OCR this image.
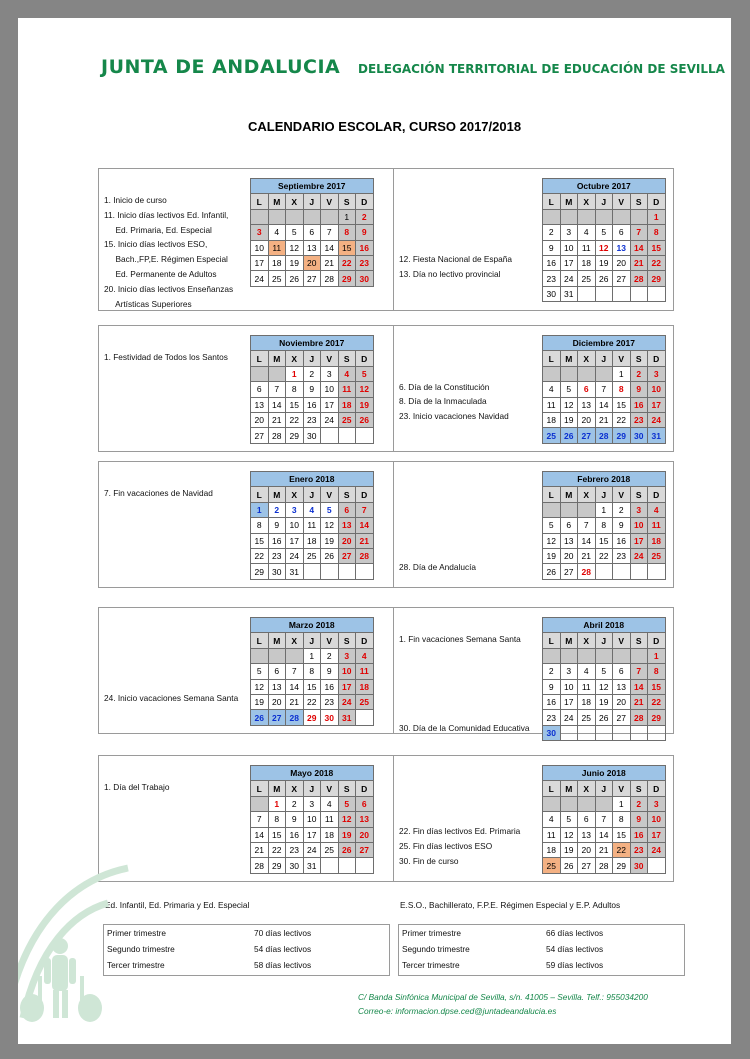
JUNTA DE ANDALUCIA DELEGACIÓN TERRITORIAL DE EDUCACIÓN DE SEVILLA
CALENDARIO ESCOLAR, CURSO 2017/2018
1. Inicio de curso
11. Inicio días lectivos Ed. Infantil,
Ed. Primaria, Ed. Especial
15. Inicio días lectivos ESO,
Bach.,FP,E. Régimen Especial
Ed. Permanente de Adultos
20. Inicio días lectivos Enseñanzas
Artísticas Superiores
Septiembre 2017						
L	M	X	J	V	S	D
					1	2
3	4	5	6	7	8	9
10	11	12	13	14	15	16
17	18	19	20	21	22	23
24	25	26	27	28	29	30
12. Fiesta Nacional de España
13. Día no lectivo provincial
Octubre 2017						
L	M	X	J	V	S	D
						1
2	3	4	5	6	7	8
9	10	11	12	13	14	15
16	17	18	19	20	21	22
23	24	25	26	27	28	29
30	31					
1. Festividad de Todos los Santos
Noviembre 2017						
L	M	X	J	V	S	D
		1	2	3	4	5
6	7	8	9	10	11	12
13	14	15	16	17	18	19
20	21	22	23	24	25	26
27	28	29	30			
6. Día de la Constitución
8. Día de la Inmaculada
23. Inicio vacaciones Navidad
Diciembre 2017						
L	M	X	J	V	S	D
				1	2	3
4	5	6	7	8	9	10
11	12	13	14	15	16	17
18	19	20	21	22	23	24
25	26	27	28	29	30	31
7. Fin vacaciones de Navidad
Enero 2018						
L	M	X	J	V	S	D
1	2	3	4	5	6	7
8	9	10	11	12	13	14
15	16	17	18	19	20	21
22	23	24	25	26	27	28
29	30	31					28. Día de Andalucía
Febrero 2018						
L	M	X	J	V	S	D
			1	2	3	4
5	6	7	8	9	10	11
12	13	14	15	16	17	18
19	20	21	22	23	24	25
26	27	28				
24. Inicio vacaciones Semana Santa
Marzo 2018						
L	M	X	J	V	S	D
			1	2	3	4
5	6	7	8	9	10	11
12	13	14	15	16	17	18
19	20	21	22	23	24	25
26	27	28	29	30	31	
1. Fin vacaciones Semana Santa
30. Día de la Comunidad Educativa
Abril 2018						
L	M	X	J	V	S	D
						1
2	3	4	5	6	7	8
9	10	11	12	13	14	15
16	17	18	19	20	21	22
23	24	25	26	27	28	29
30						
1. Día del Trabajo
Mayo 2018						
L	M	X	J	V	S	D
	1	2	3	4	5	6
7	8	9	10	11	12	13
14	15	16	17	18	19	20
21	22	23	24	25	26	27
28	29	30	31			
22. Fin días lectivos Ed. Primaria
25. Fin días lectivos ESO
30. Fin de curso
Junio 2018						
L	M	X	J	V	S	D
				1	2	3
4	5	6	7	8	9	10
11	12	13	14	15	16	17
18	19	20	21	22	23	24
25	26	27	28	29	30	
Ed. Infantil, Ed. Primaria y Ed. Especial	E.S.O., Bachillerato, F.P.E. Régimen Especial y E.P. Adultos
Primer trimestre	70 días lectivos
Segundo trimestre	54 días lectivos
Tercer trimestre	58 días lectivos
Primer trimestre	66 días lectivos
Segundo trimestre	54 días lectivos
Tercer trimestre	59 días lectivos
C/ Banda Sinfónica Municipal de Sevilla, s/n. 41005 – Sevilla. Telf.: 955034200
Correo-e: informacion.dpse.ced@juntadeandalucia.es
